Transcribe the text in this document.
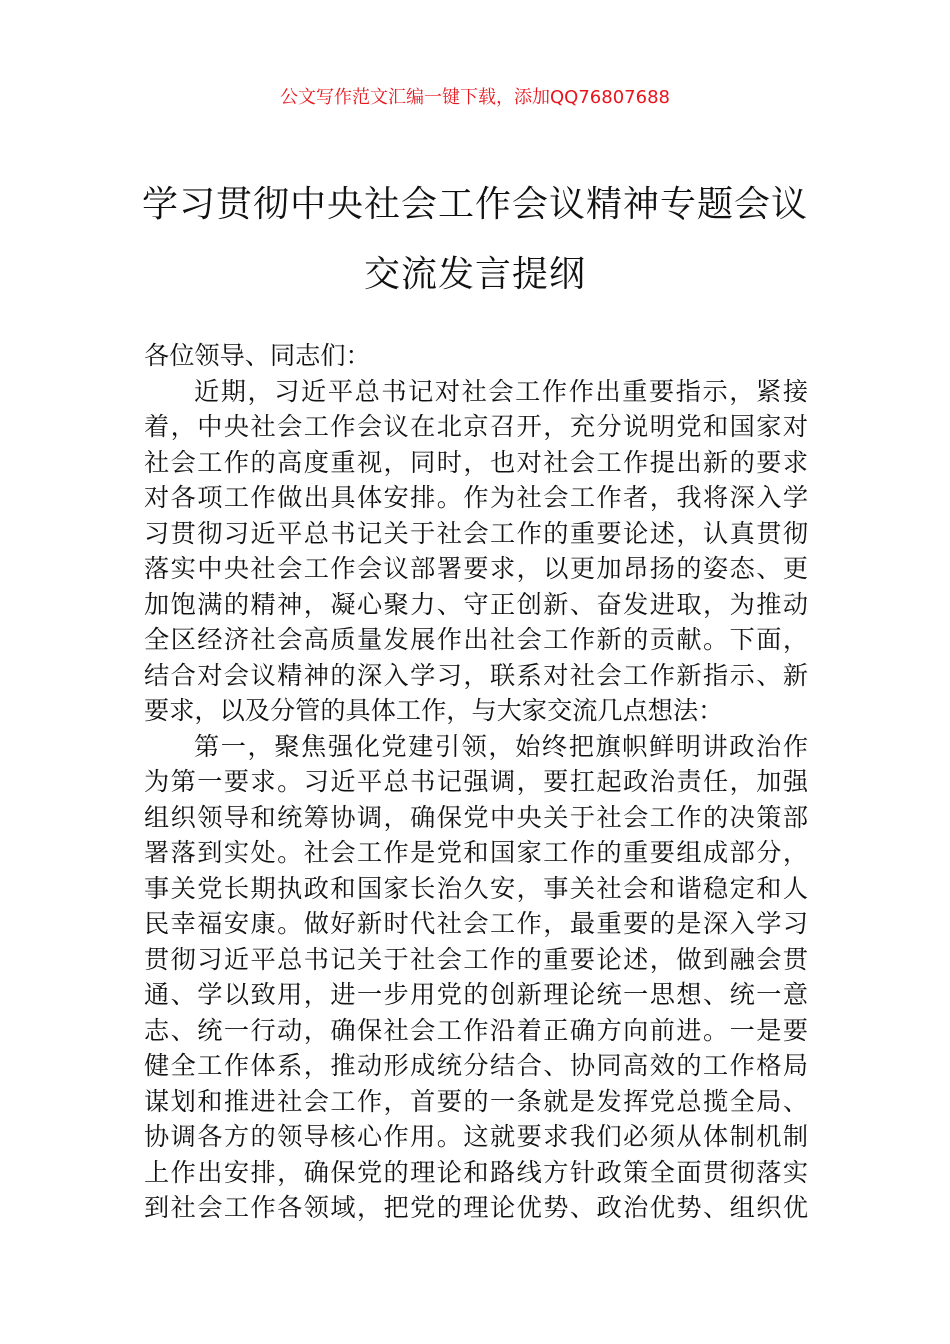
公文写作范文汇编一键下载，添加QQ76807688
学习贯彻中央社会工作会议精神专题会议
交流发言提纲
各位领导、同志们：
近期，习近平总书记对社会工作作出重要指示，紧接
着，中央社会工作会议在北京召开，充分说明党和国家对
社会工作的高度重视，同时，也对社会工作提出新的要求
对各项工作做出具体安排。作为社会工作者，我将深入学
习贯彻习近平总书记关于社会工作的重要论述，认真贯彻
落实中央社会工作会议部署要求，以更加昂扬的姿态、更
加饱满的精神，凝心聚力、守正创新、奋发进取，为推动
全区经济社会高质量发展作出社会工作新的贡献。下面，
结合对会议精神的深入学习，联系对社会工作新指示、新
要求，以及分管的具体工作，与大家交流几点想法：
第一，聚焦强化党建引领，始终把旗帜鲜明讲政治作
为第一要求。习近平总书记强调，要扛起政治责任，加强
组织领导和统筹协调，确保党中央关于社会工作的决策部
署落到实处。社会工作是党和国家工作的重要组成部分，
事关党长期执政和国家长治久安，事关社会和谐稳定和人
民幸福安康。做好新时代社会工作，最重要的是深入学习
贯彻习近平总书记关于社会工作的重要论述，做到融会贯
通、学以致用，进一步用党的创新理论统一思想、统一意
志、统一行动，确保社会工作沿着正确方向前进。一是要
健全工作体系，推动形成统分结合、协同高效的工作格局
谋划和推进社会工作，首要的一条就是发挥党总揽全局、
协调各方的领导核心作用。这就要求我们必须从体制机制
上作出安排，确保党的理论和路线方针政策全面贯彻落实
到社会工作各领域，把党的理论优势、政治优势、组织优
